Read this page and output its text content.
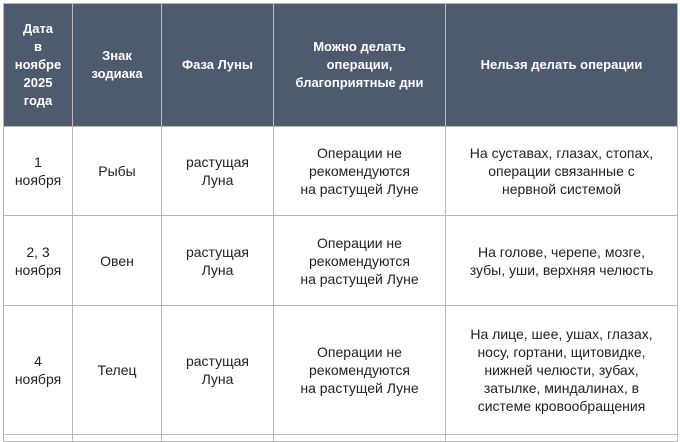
Дата
в
ноябре
2025
года	Знак
зодиака	Фаза Луны	Можно делать
операции,
благоприятные дни	Нельзя делать операции

1
ноября	Рыбы	растущая
Луна	Операции не
рекомендуются
на растущей Луне	На суставах, глазах, стопах,
операции связанные с
нервной системой

2, 3
ноября	Овен	растущая
Луна	Операции не
рекомендуются
на растущей Луне	На голове, черепе, мозге,
зубы, уши, верхняя челюсть

4
ноября	Телец	растущая
Луна	Операции не
рекомендуются
на растущей Луне	На лице, шее, ушах, глазах,
носу, гортани, щитовидке,
нижней челюсти, зубах,
затылке, миндалинах, в
системе кровообращения
